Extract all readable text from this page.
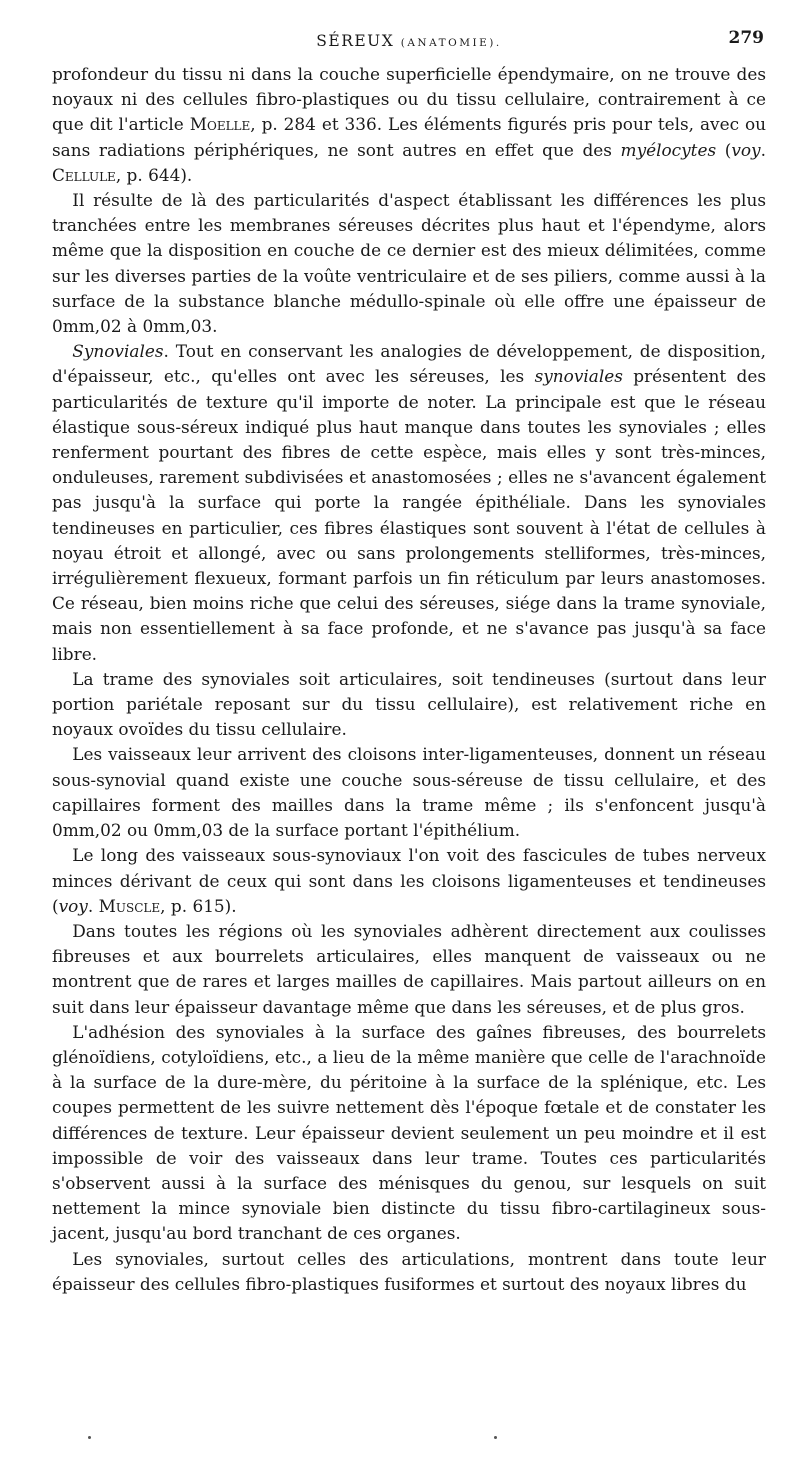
SÉREUX (ANATOMIE).	279

profondeur du tissu ni dans la couche superficielle épendymaire, on ne trouve des noyaux ni des cellules fibro-plastiques ou du tissu cellulaire, contrairement à ce que dit l'article Moelle, p. 284 et 336. Les éléments figurés pris pour tels, avec ou sans radiations périphériques, ne sont autres en effet que des myélocytes (voy. Cellule, p. 644).

Il résulte de là des particularités d'aspect établissant les différences les plus tranchées entre les membranes séreuses décrites plus haut et l'épendyme, alors même que la disposition en couche de ce dernier est des mieux délimitées, comme sur les diverses parties de la voûte ventriculaire et de ses piliers, comme aussi à la surface de la substance blanche médullo-spinale où elle offre une épaisseur de 0mm,02 à 0mm,03.

Synoviales. Tout en conservant les analogies de développement, de disposition, d'épaisseur, etc., qu'elles ont avec les séreuses, les synoviales présentent des particularités de texture qu'il importe de noter. La principale est que le réseau élastique sous-séreux indiqué plus haut manque dans toutes les synoviales ; elles renferment pourtant des fibres de cette espèce, mais elles y sont très-minces, onduleuses, rarement subdivisées et anastomosées ; elles ne s'avancent également pas jusqu'à la surface qui porte la rangée épithéliale. Dans les synoviales tendineuses en particulier, ces fibres élastiques sont souvent à l'état de cellules à noyau étroit et allongé, avec ou sans prolongements stelliformes, très-minces, irrégulièrement flexueux, formant parfois un fin réticulum par leurs anastomoses. Ce réseau, bien moins riche que celui des séreuses, siége dans la trame synoviale, mais non essentiellement à sa face profonde, et ne s'avance pas jusqu'à sa face libre.

La trame des synoviales soit articulaires, soit tendineuses (surtout dans leur portion pariétale reposant sur du tissu cellulaire), est relativement riche en noyaux ovoïdes du tissu cellulaire.

Les vaisseaux leur arrivent des cloisons inter-ligamenteuses, donnent un réseau sous-synovial quand existe une couche sous-séreuse de tissu cellulaire, et des capillaires forment des mailles dans la trame même ; ils s'enfoncent jusqu'à 0mm,02 ou 0mm,03 de la surface portant l'épithélium.

Le long des vaisseaux sous-synoviaux l'on voit des fascicules de tubes nerveux minces dérivant de ceux qui sont dans les cloisons ligamenteuses et tendineuses (voy. Muscle, p. 615).

Dans toutes les régions où les synoviales adhèrent directement aux coulisses fibreuses et aux bourrelets articulaires, elles manquent de vaisseaux ou ne montrent que de rares et larges mailles de capillaires. Mais partout ailleurs on en suit dans leur épaisseur davantage même que dans les séreuses, et de plus gros.

L'adhésion des synoviales à la surface des gaînes fibreuses, des bourrelets glénoïdiens, cotyloïdiens, etc., a lieu de la même manière que celle de l'arachnoïde à la surface de la dure-mère, du péritoine à la surface de la splénique, etc. Les coupes permettent de les suivre nettement dès l'époque fœtale et de constater les différences de texture. Leur épaisseur devient seulement un peu moindre et il est impossible de voir des vaisseaux dans leur trame. Toutes ces particularités s'observent aussi à la surface des ménisques du genou, sur lesquels on suit nettement la mince synoviale bien distincte du tissu fibro-cartilagineux sous-jacent, jusqu'au bord tranchant de ces organes.

Les synoviales, surtout celles des articulations, montrent dans toute leur épaisseur des cellules fibro-plastiques fusiformes et surtout des noyaux libres du
